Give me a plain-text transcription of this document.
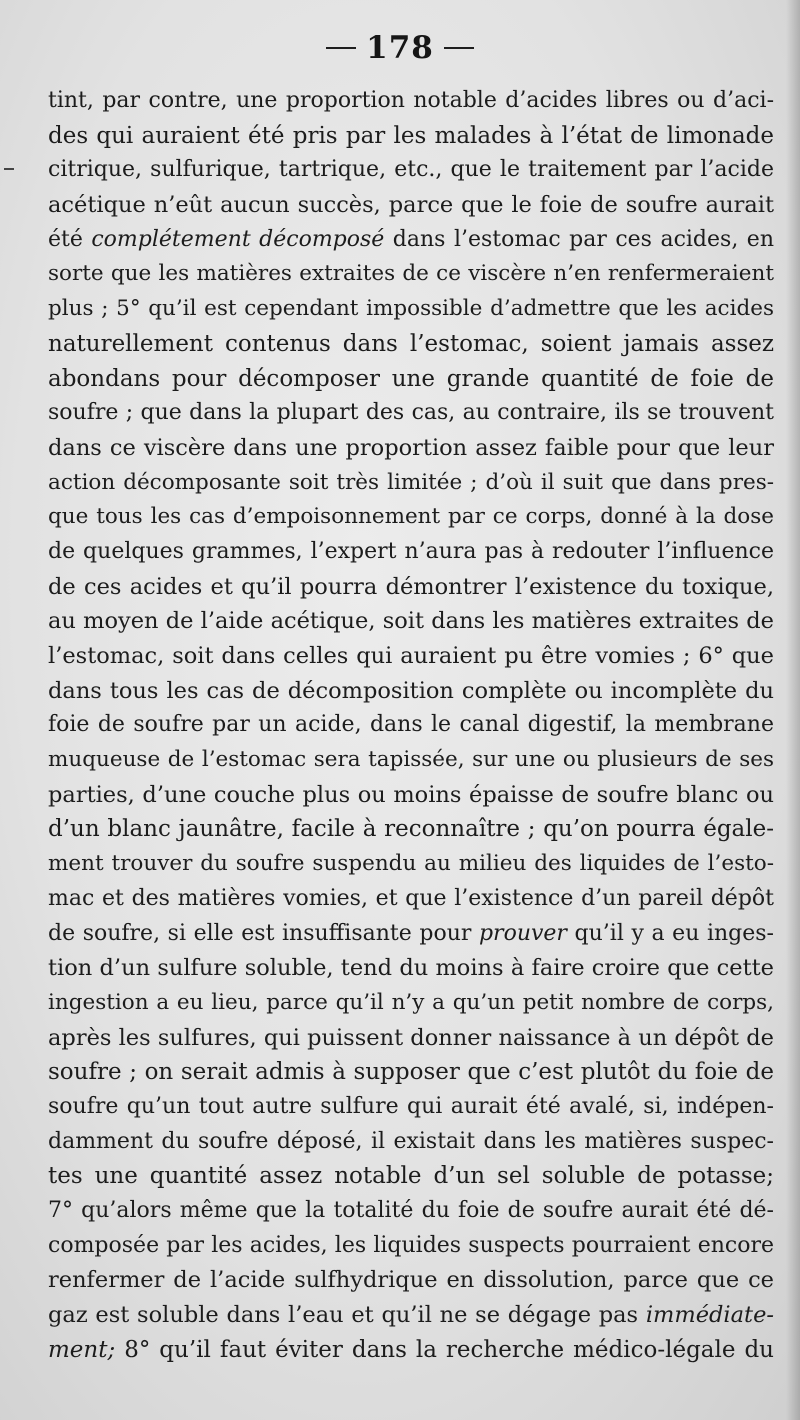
178
tint, par contre, une proportion notable d’acides libres ou d’aci-
des qui auraient été pris par les malades à l’état de limonade
citrique, sulfurique, tartrique, etc., que le traitement par l’acide
acétique n’eût aucun succès, parce que le foie de soufre aurait
été complétement décomposé dans l’estomac par ces acides, en
sorte que les matières extraites de ce viscère n’en renfermeraient
plus ; 5° qu’il est cependant impossible d’admettre que les acides
naturellement contenus dans l’estomac, soient jamais assez
abondans pour décomposer une grande quantité de foie de
soufre ; que dans la plupart des cas, au contraire, ils se trouvent
dans ce viscère dans une proportion assez faible pour que leur
action décomposante soit très limitée ; d’où il suit que dans pres-
que tous les cas d’empoisonnement par ce corps, donné à la dose
de quelques grammes, l’expert n’aura pas à redouter l’influence
de ces acides et qu’il pourra démontrer l’existence du toxique,
au moyen de l’aide acétique, soit dans les matières extraites de
l’estomac, soit dans celles qui auraient pu être vomies ; 6° que
dans tous les cas de décomposition complète ou incomplète du
foie de soufre par un acide, dans le canal digestif, la membrane
muqueuse de l’estomac sera tapissée, sur une ou plusieurs de ses
parties, d’une couche plus ou moins épaisse de soufre blanc ou
d’un blanc jaunâtre, facile à reconnaître ; qu’on pourra égale-
ment trouver du soufre suspendu au milieu des liquides de l’esto-
mac et des matières vomies, et que l’existence d’un pareil dépôt
de soufre, si elle est insuffisante pour prouver qu’il y a eu inges-
tion d’un sulfure soluble, tend du moins à faire croire que cette
ingestion a eu lieu, parce qu’il n’y a qu’un petit nombre de corps,
après les sulfures, qui puissent donner naissance à un dépôt de
soufre ; on serait admis à supposer que c’est plutôt du foie de
soufre qu’un tout autre sulfure qui aurait été avalé, si, indépen-
damment du soufre déposé, il existait dans les matières suspec-
tes une quantité assez notable d’un sel soluble de potasse;
7° qu’alors même que la totalité du foie de soufre aurait été dé-
composée par les acides, les liquides suspects pourraient encore
renfermer de l’acide sulfhydrique en dissolution, parce que ce
gaz est soluble dans l’eau et qu’il ne se dégage pas immédiate-
ment; 8° qu’il faut éviter dans la recherche médico-légale du
